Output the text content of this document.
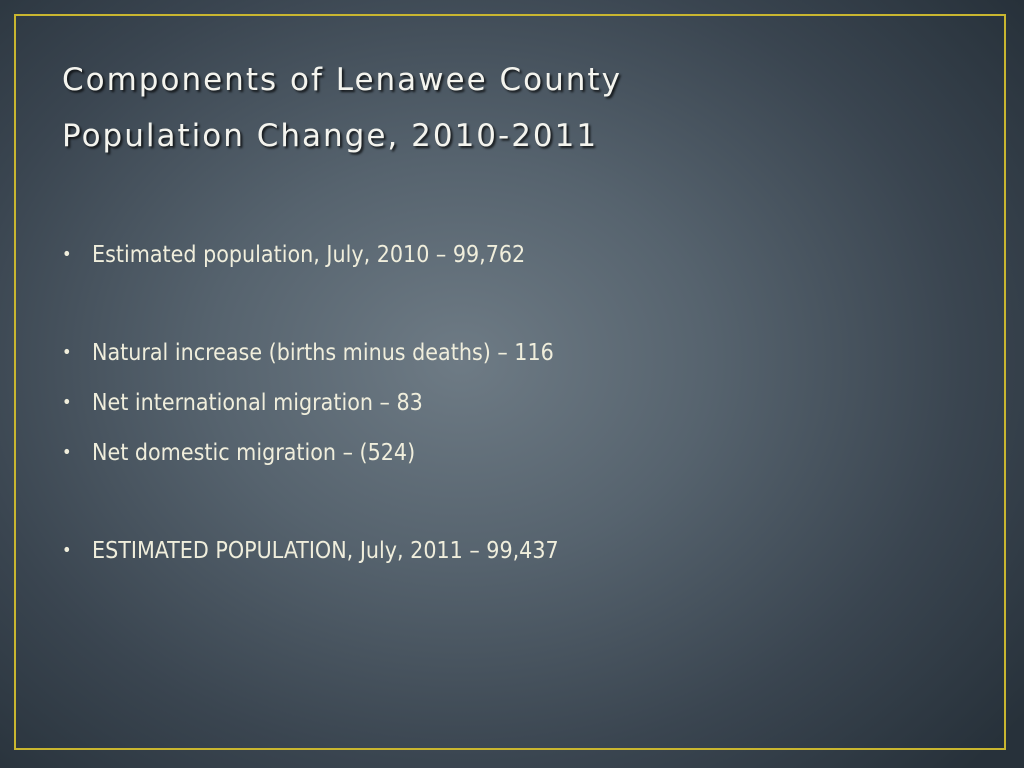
Components of Lenawee County
Population Change, 2010-2011
• Estimated population, July, 2010 – 99,762
• Natural increase (births minus deaths) – 116
• Net international migration – 83
• Net domestic migration – (524)
• ESTIMATED POPULATION, July, 2011 – 99,437
